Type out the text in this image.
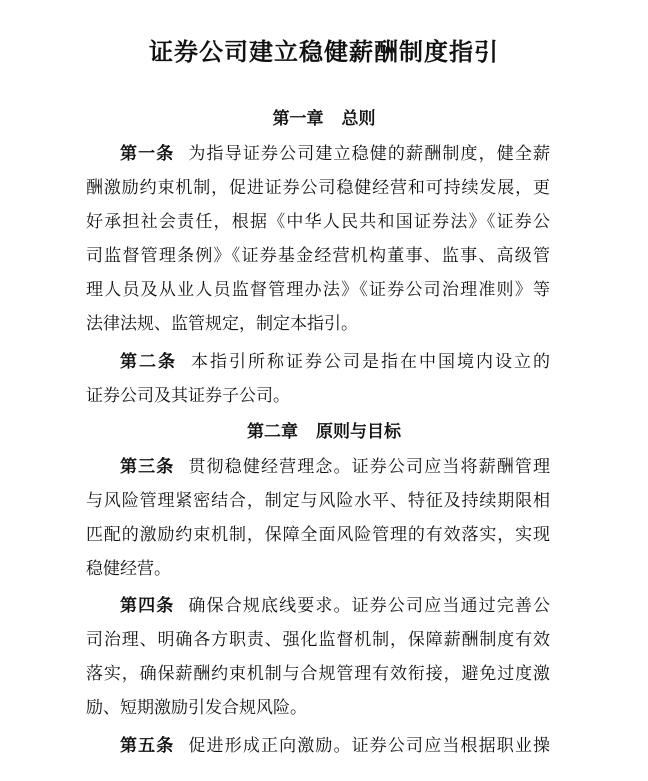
证券公司建立稳健薪酬制度指引
第一章 总则
第一条 为指导证券公司建立稳健的薪酬制度，健全薪
酬激励约束机制，促进证券公司稳健经营和可持续发展，更
好承担社会责任，根据《中华人民共和国证券法》《证券公
司监督管理条例》《证券基金经营机构董事、监事、高级管
理人员及从业人员监督管理办法》《证券公司治理准则》等
法律法规、监管规定，制定本指引。
第二条 本指引所称证券公司是指在中国境内设立的
证券公司及其证券子公司。
第二章 原则与目标
第三条 贯彻稳健经营理念。证券公司应当将薪酬管理
与风险管理紧密结合，制定与风险水平、特征及持续期限相
匹配的激励约束机制，保障全面风险管理的有效落实，实现
稳健经营。
第四条 确保合规底线要求。证券公司应当通过完善公
司治理、明确各方职责、强化监督机制，保障薪酬制度有效
落实，确保薪酬约束机制与合规管理有效衔接，避免过度激
励、短期激励引发合规风险。
第五条 促进形成正向激励。证券公司应当根据职业操
